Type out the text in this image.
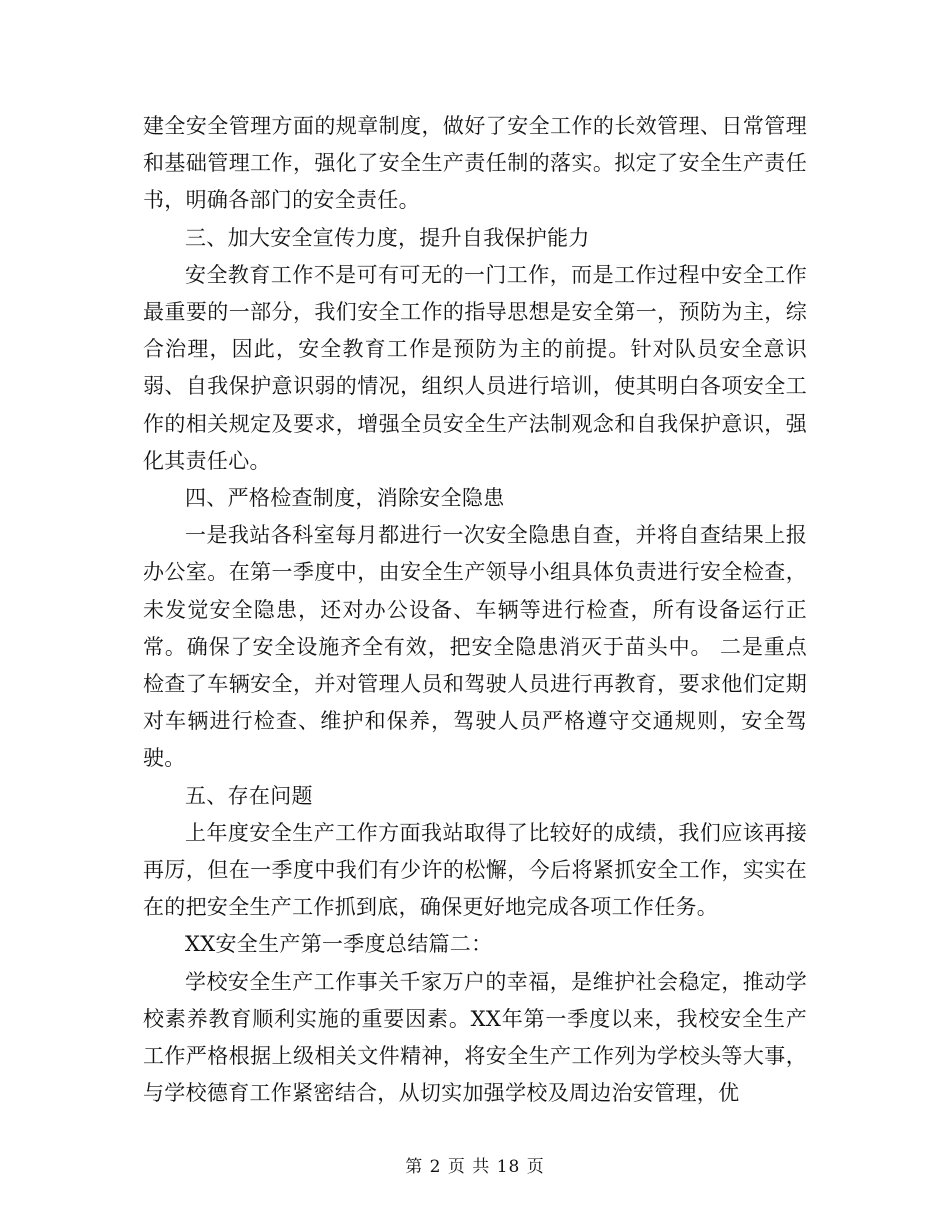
建全安全管理方面的规章制度，做好了安全工作的长效管理、日常管理和基础管理工作，强化了安全生产责任制的落实。拟定了安全生产责任书，明确各部门的安全责任。

三、加大安全宣传力度，提升自我保护能力

安全教育工作不是可有可无的一门工作，而是工作过程中安全工作最重要的一部分，我们安全工作的指导思想是安全第一，预防为主，综合治理，因此，安全教育工作是预防为主的前提。针对队员安全意识弱、自我保护意识弱的情况，组织人员进行培训，使其明白各项安全工作的相关规定及要求，增强全员安全生产法制观念和自我保护意识，强化其责任心。

四、严格检查制度，消除安全隐患

一是我站各科室每月都进行一次安全隐患自查，并将自查结果上报办公室。在第一季度中，由安全生产领导小组具体负责进行安全检查，未发觉安全隐患，还对办公设备、车辆等进行检查，所有设备运行正常。确保了安全设施齐全有效，把安全隐患消灭于苗头中。 二是重点检查了车辆安全，并对管理人员和驾驶人员进行再教育，要求他们定期对车辆进行检查、维护和保养，驾驶人员严格遵守交通规则，安全驾驶。

五、存在问题

上年度安全生产工作方面我站取得了比较好的成绩，我们应该再接再厉，但在一季度中我们有少许的松懈，今后将紧抓安全工作，实实在在的把安全生产工作抓到底，确保更好地完成各项工作任务。

XX安全生产第一季度总结篇二：

学校安全生产工作事关千家万户的幸福，是维护社会稳定，推动学校素养教育顺利实施的重要因素。XX年第一季度以来，我校安全生产工作严格根据上级相关文件精神，将安全生产工作列为学校头等大事，与学校德育工作紧密结合，从切实加强学校及周边治安管理，优

第 2 页 共 18 页
